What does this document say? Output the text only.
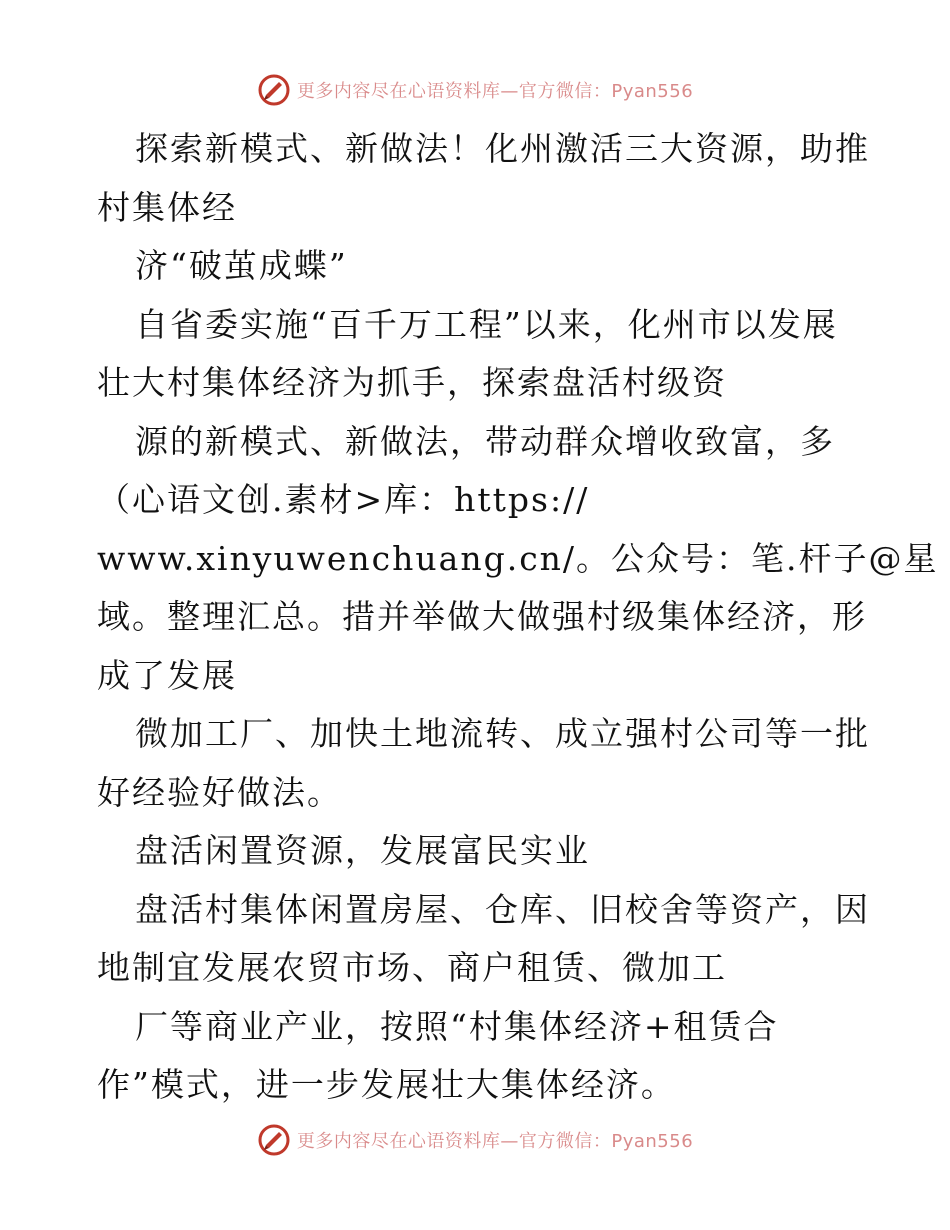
更多内容尽在心语资料库—官方微信：Pyan556
探索新模式、新做法！化州激活三大资源，助推
村集体经
济“破茧成蝶”
自省委实施“百千万工程”以来，化州市以发展
壮大村集体经济为抓手，探索盘活村级资
源的新模式、新做法，带动群众增收致富，多
（心语文创.素材>库：https://
www.xinyuwenchuang.cn/。公众号：笔.杆子@星
域。整理汇总。措并举做大做强村级集体经济，形
成了发展
微加工厂、加快土地流转、成立强村公司等一批
好经验好做法。
盘活闲置资源，发展富民实业
盘活村集体闲置房屋、仓库、旧校舍等资产，因
地制宜发展农贸市场、商户租赁、微加工
厂等商业产业，按照“村集体经济+租赁合
作”模式，进一步发展壮大集体经济。
更多内容尽在心语资料库—官方微信：Pyan556
